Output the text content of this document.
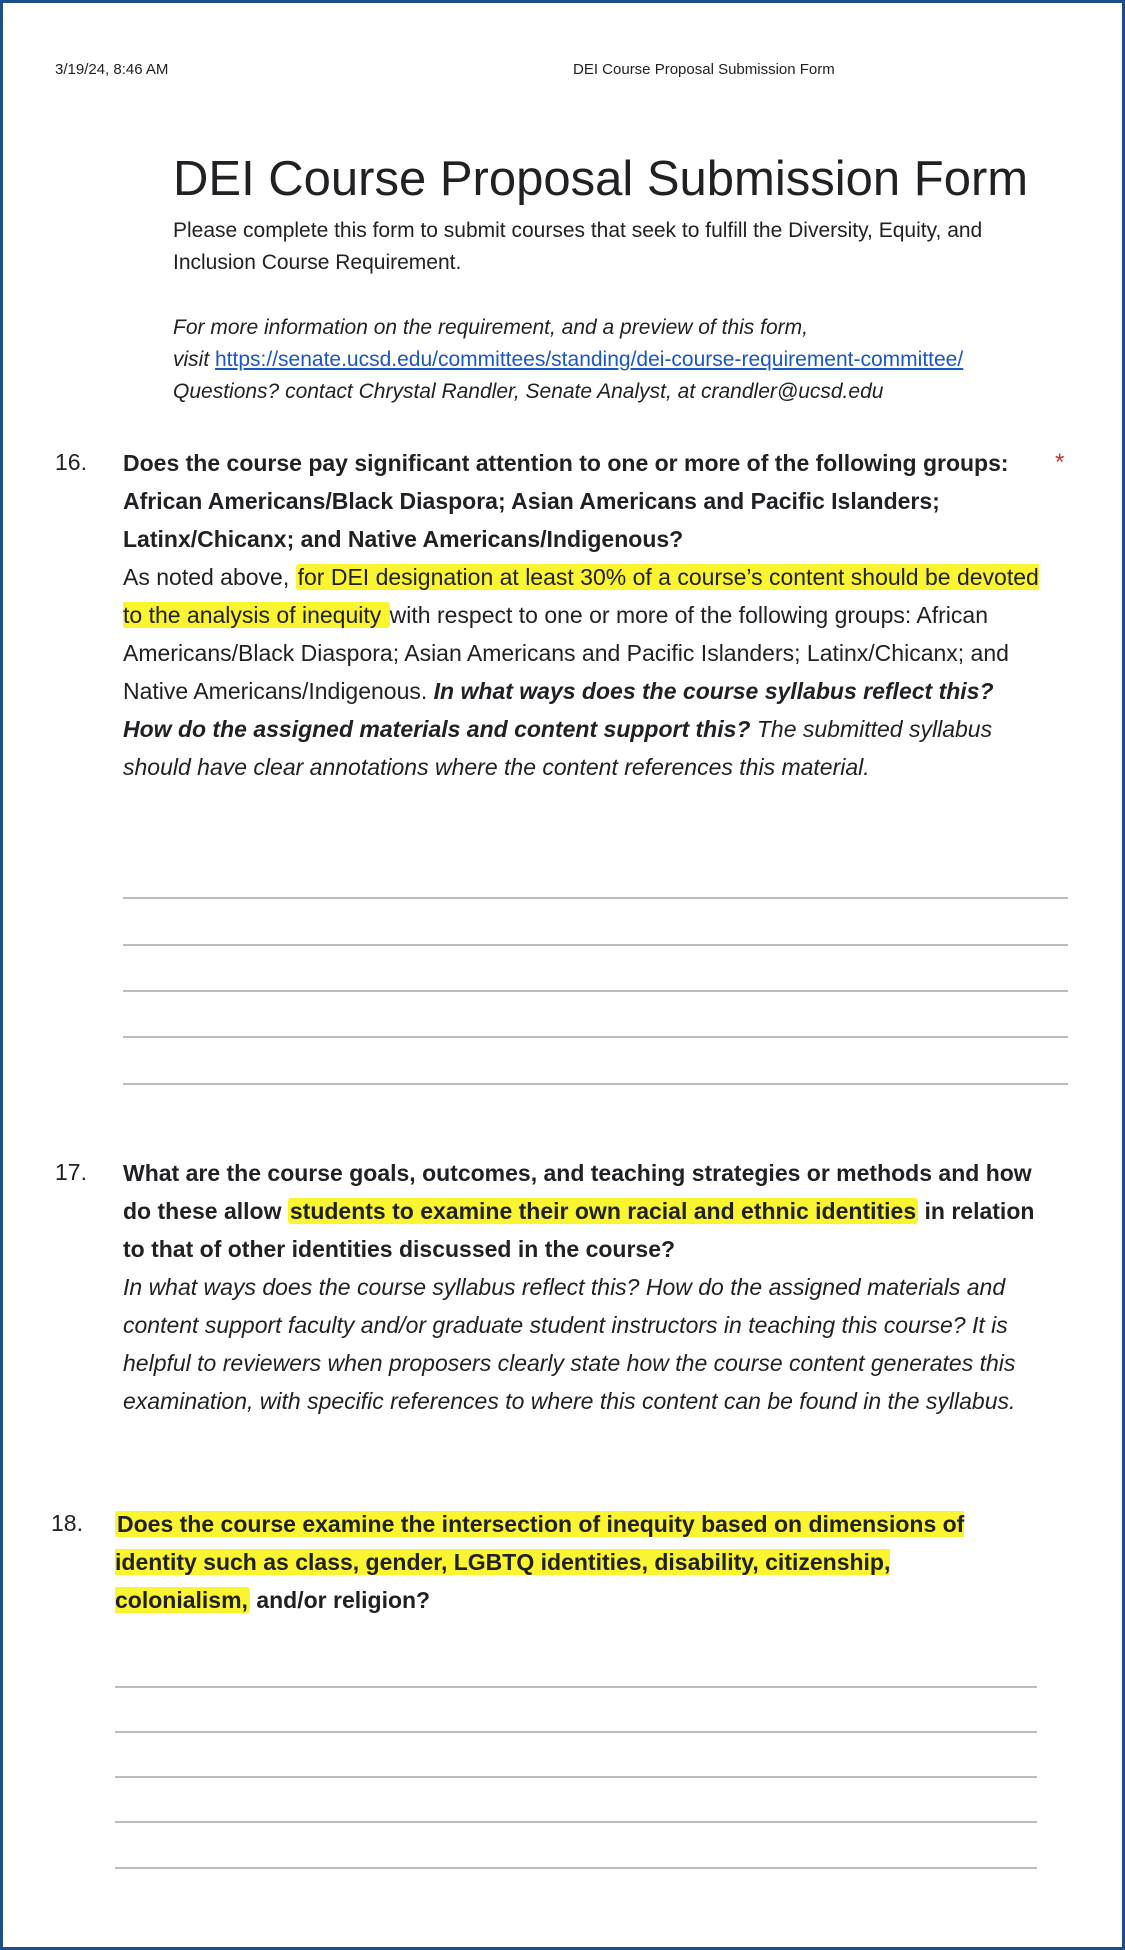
3/19/24, 8:46 AM	DEI Course Proposal Submission Form
DEI Course Proposal Submission Form
Please complete this form to submit courses that seek to fulfill the Diversity, Equity, and Inclusion Course Requirement.
For more information on the requirement, and a preview of this form,
visit https://senate.ucsd.edu/committees/standing/dei-course-requirement-committee/
Questions? contact Chrystal Randler, Senate Analyst, at crandler@ucsd.edu
16.	*
Does the course pay significant attention to one or more of the following groups: African Americans/Black Diaspora; Asian Americans and Pacific Islanders; Latinx/Chicanx; and Native Americans/Indigenous?
As noted above, for DEI designation at least 30% of a course’s content should be devoted to the analysis of inequity with respect to one or more of the following groups: African Americans/Black Diaspora; Asian Americans and Pacific Islanders; Latinx/Chicanx; and Native Americans/Indigenous. In what ways does the course syllabus reflect this? How do the assigned materials and content support this? The submitted syllabus should have clear annotations where the content references this material.
17. What are the course goals, outcomes, and teaching strategies or methods and how do these allow students to examine their own racial and ethnic identities in relation to that of other identities discussed in the course?
In what ways does the course syllabus reflect this? How do the assigned materials and content support faculty and/or graduate student instructors in teaching this course? It is helpful to reviewers when proposers clearly state how the course content generates this examination, with specific references to where this content can be found in the syllabus.
18. Does the course examine the intersection of inequity based on dimensions of identity such as class, gender, LGBTQ identities, disability, citizenship, colonialism, and/or religion?
